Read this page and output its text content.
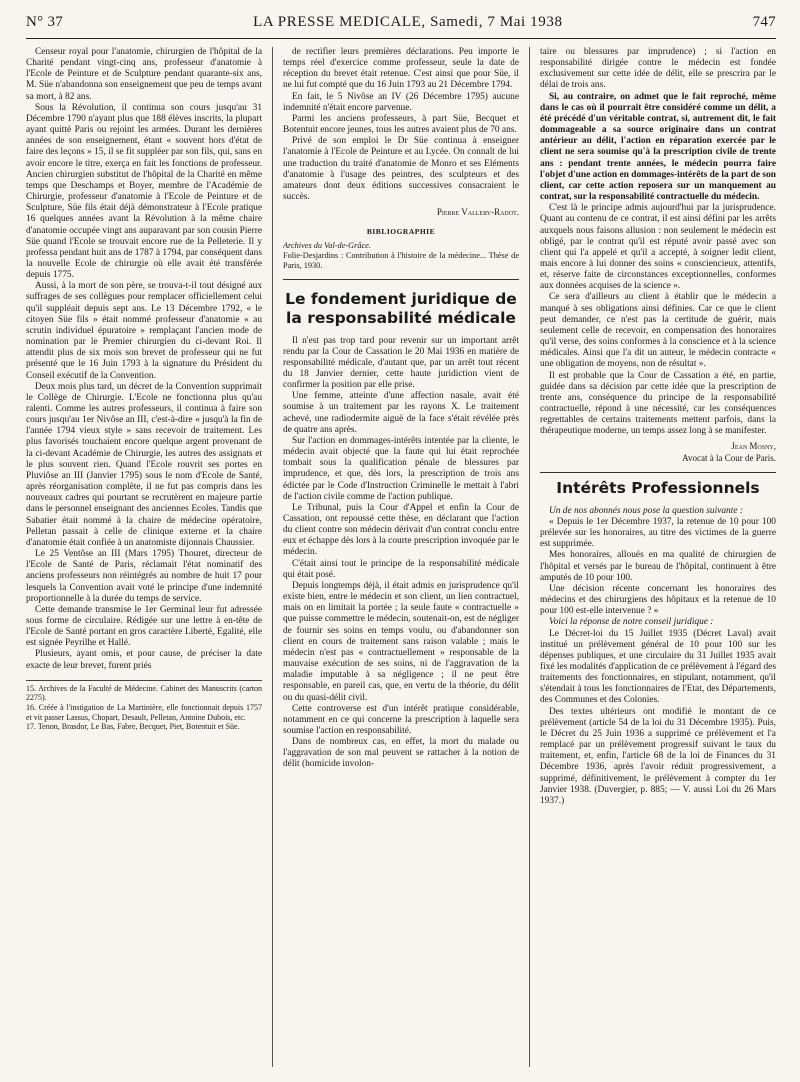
N° 37	LA PRESSE MEDICALE, Samedi, 7 Mai 1938	747

Censeur royal pour l'anatomie, chirurgien de l'hôpital de la Charité pendant vingt-cinq ans, professeur d'anatomie à l'Ecole de Peinture et de Sculpture pendant quarante-six ans, M. Süe n'abandonna son enseignement que peu de temps avant sa mort, à 82 ans.

Sous la Révolution, il continua son cours jusqu'au 31 Décembre 1790 n'ayant plus que 188 élèves inscrits, la plupart ayant quitté Paris ou rejoint les armées. Durant les dernières années de son enseignement, étant « souvent hors d'état de faire des leçons » 15, il se fit suppléer par son fils, qui, sans en avoir encore le titre, exerça en fait les fonctions de professeur. Ancien chirurgien substitut de l'hôpital de la Charité en même temps que Deschamps et Boyer, membre de l'Académie de Chirurgie, professeur d'anatomie à l'Ecole de Peinture et de Sculpture, Süe fils était déjà démonstrateur à l'Ecole pratique 16 quelques années avant la Révolution à la même chaire d'anatomie occupée vingt ans auparavant par son cousin Pierre Süe quand l'Ecole se trouvait encore rue de la Pelleterie. Il y professa pendant huit ans de 1787 à 1794, par conséquent dans la nouvelle Ecole de chirurgie où elle avait été transférée depuis 1775.

Aussi, à la mort de son père, se trouva-t-il tout désigné aux suffrages de ses collègues pour remplacer officiellement celui qu'il suppléait depuis sept ans. Le 13 Décembre 1792, « le citoyen Süe fils » était nommé professeur d'anatomie « au scrutin individuel épuratoire » remplaçant l'ancien mode de nomination par le Premier chirurgien du ci-devant Roi. Il attendit plus de six mois son brevet de professeur qui ne fut présenté que le 16 Juin 1793 à la signature du Président du Conseil exécutif de la Convention.

Deux mois plus tard, un décret de la Convention supprimait le Collège de Chirurgie. L'Ecole ne fonctionna plus qu'au ralenti. Comme les autres professeurs, il continua à faire son cours jusqu'au 1er Nivôse an III, c'est-à-dire « jusqu'à la fin de l'année 1794 vieux style » sans recevoir de traitement. Les plus favorisés touchaient encore quelque argent provenant de la ci-devant Académie de Chirurgie, les autres des assignats et le plus souvent rien. Quand l'Ecole rouvrit ses portes en Pluviôse an III (Janvier 1795) sous le nom d'Ecole de Santé, après réorganisation complète, il ne fut pas compris dans les nouveaux cadres qui pourtant se recrutèrent en majeure partie dans le personnel enseignant des anciennes Ecoles. Tandis que Sabatier était nommé à la chaire de médecine opératoire, Pelletan passait à celle de clinique externe et la chaire d'anatomie était confiée à un anatomiste dijonnais Chaussier.

Le 25 Ventôse an III (Mars 1795) Thouret, directeur de l'Ecole de Santé de Paris, réclamait l'état nominatif des anciens professeurs non réintégrés au nombre de huit 17 pour lesquels la Convention avait voté le principe d'une indemnité proportionnelle à la durée du temps de service.

Cette demande transmise le 1er Germinal leur fut adressée sous forme de circulaire. Rédigée sur une lettre à en-tête de l'Ecole de Santé portant en gros caractère Liberté, Egalité, elle est signée Peyrilhe et Hallé.

Plusieurs, ayant omis, et pour cause, de préciser la date exacte de leur brevet, furent priés

15. Archives de la Faculté de Médecine. Cabinet des Manuscrits (carton 2275).

16. Créée à l'instigation de La Martinière, elle fonctionnait depuis 1757 et vit passer Lassus, Chopart, Desault, Pelletan, Antoine Dubois, etc.

17. Tenon, Brasdor, Le Bas, Fabre, Becquet, Piet, Botentuit et Süe.

de rectifier leurs premières déclarations. Peu importe le temps réel d'exercice comme professeur, seule la date de réception du brevet était retenue. C'est ainsi que pour Süe, il ne lui fut compté que du 16 Juin 1793 au 21 Décembre 1794.

En fait, le 5 Nivôse an IV (26 Décembre 1795) aucune indemnité n'était encore parvenue.

Parmi les anciens professeurs, à part Süe, Becquet et Botentuit encore jeunes, tous les autres avaient plus de 70 ans.

Privé de son emploi le Dr Süe continua à enseigner l'anatomie à l'Ecole de Peinture et au Lycée. On connaît de lui une traduction du traité d'anatomie de Monro et ses Eléments d'anatomie à l'usage des peintres, des sculpteurs et des amateurs dont deux éditions successives consacraient le succès.

Pierre Vallery-Radot.
BIBLIOGRAPHIE

Archives du Val-de-Grâce.

Folie-Desjardins : Contribution à l'histoire de la médecine... Thèse de Paris, 1930.

Le fondement juridique de la responsabilité médicale

Il n'est pas trop tard pour revenir sur un important arrêt rendu par la Cour de Cassation le 20 Mai 1936 en matière de responsabilité médicale, d'autant que, par un arrêt tout récent du 18 Janvier dernier, cette haute juridiction vient de confirmer la position par elle prise.

Une femme, atteinte d'une affection nasale, avait été soumise à un traitement par les rayons X. Le traitement achevé, une radiodermite aiguë de la face s'était révélée près de quatre ans après.

Sur l'action en dommages-intérêts intentée par la cliente, le médecin avait objecté que la faute qui lui était reprochée tombait sous la qualification pénale de blessures par imprudence, et que, dès lors, la prescription de trois ans édictée par le Code d'Instruction Criminelle le mettait à l'abri de l'action civile comme de l'action publique.

Le Tribunal, puis la Cour d'Appel et enfin la Cour de Cassation, ont repoussé cette thèse, en déclarant que l'action du client contre son médecin dérivait d'un contrat conclu entre eux et échappe dès lors à la courte prescription invoquée par le médecin.

C'était ainsi tout le principe de la responsabilité médicale qui était posé.

Depuis longtemps déjà, il était admis en jurisprudence qu'il existe bien, entre le médecin et son client, un lien contractuel, mais on en limitait la portée ; la seule faute « contractuelle » que puisse commettre le médecin, soutenait-on, est de négliger de fournir ses soins en temps voulu, ou d'abandonner son client en cours de traitement sans raison valable ; mais le médecin n'est pas « contractuellement » responsable de la mauvaise exécution de ses soins, ni de l'aggravation de la maladie imputable à sa négligence ; il ne peut être responsable, en pareil cas, que, en vertu de la théorie, du délit ou du quasi-délit civil.

Cette controverse est d'un intérêt pratique considérable, notamment en ce qui concerne la prescription à laquelle sera soumise l'action en responsabilité.

Dans de nombreux cas, en effet, la mort du malade ou l'aggravation de son mal peuvent se rattacher à la notion de délit (homicide involon-

taire ou blessures par imprudence) ; si l'action en responsabilité dirigée contre le médecin est fondée exclusivement sur cette idée de délit, elle se prescrira par le délai de trois ans.

Si, au contraire, on admet que le fait reproché, même dans le cas où il pourrait être considéré comme un délit, a été précédé d'un véritable contrat, si, autrement dit, le fait dommageable a sa source originaire dans un contrat antérieur au délit, l'action en réparation exercée par le client ne sera soumise qu'à la prescription civile de trente ans : pendant trente années, le médecin pourra faire l'objet d'une action en dommages-intérêts de la part de son client, car cette action reposera sur un manquement au contrat, sur la responsabilité contractuelle du médecin.

C'est là le principe admis aujourd'hui par la jurisprudence. Quant au contenu de ce contrat, il est ainsi défini par les arrêts auxquels nous faisons allusion : non seulement le médecin est obligé, par le contrat qu'il est réputé avoir passé avec son client qui l'a appelé et qu'il a accepté, à soigner ledit client, mais encore à lui donner des soins « consciencieux, attentifs, et, réserve faite de circonstances exceptionnelles, conformes aux données acquises de la science ».

Ce sera d'ailleurs au client à établir que le médecin a manqué à ses obligations ainsi définies. Car ce que le client peut demander, ce n'est pas la certitude de guérir, mais seulement celle de recevoir, en compensation des honoraires qu'il verse, des soins conformes à la conscience et à la science médicales. Ainsi que l'a dit un auteur, le médecin contracte « une obligation de moyens, non de résultat ».

Il est probable que la Cour de Cassation a été, en partie, guidée dans sa décision par cette idée que la prescription de trente ans, conséquence du principe de la responsabilité contractuelle, répond à une nécessité, car les conséquences regrettables de certains traitements mettent parfois, dans la thérapeutique moderne, un temps assez long à se manifester.

Jean Mosny,
Avocat à la Cour de Paris.
Intérêts Professionnels

Un de nos abonnés nous pose la question suivante :

« Depuis le 1er Décembre 1937, la retenue de 10 pour 100 prélevée sur les honoraires, au titre des victimes de la guerre est supprimée.

Mes honoraires, alloués en ma qualité de chirurgien de l'hôpital et versés par le bureau de l'hôpital, continuent à être amputés de 10 pour 100.

Une décision récente concernant les honoraires des médecins et des chirurgiens des hôpitaux et la retenue de 10 pour 100 est-elle intervenue ? »

Voici la réponse de notre conseil juridique :

Le Décret-loi du 15 Juillet 1935 (Décret Laval) avait institué un prélèvement général de 10 pour 100 sur les dépenses publiques, et une circulaire du 31 Juillet 1935 avait fixé les modalités d'application de ce prélèvement à l'égard des traitements des fonctionnaires, en stipulant, notamment, qu'il s'étendait à tous les fonctionnaires de l'Etat, des Départements, des Communes et des Colonies.

Des textes ultérieurs ont modifié le montant de ce prélèvement (article 54 de la loi du 31 Décembre 1935). Puis, le Décret du 25 Juin 1936 a supprimé ce prélèvement et l'a remplacé par un prélèvement progressif suivant le taux du traitement, et, enfin, l'article 68 de la loi de Finances du 31 Décembre 1936, après l'avoir réduit progressivement, a supprimé, définitivement, le prélèvement à compter du 1er Janvier 1938. (Duvergier, p. 885; — V. aussi Loi du 26 Mars 1937.)
